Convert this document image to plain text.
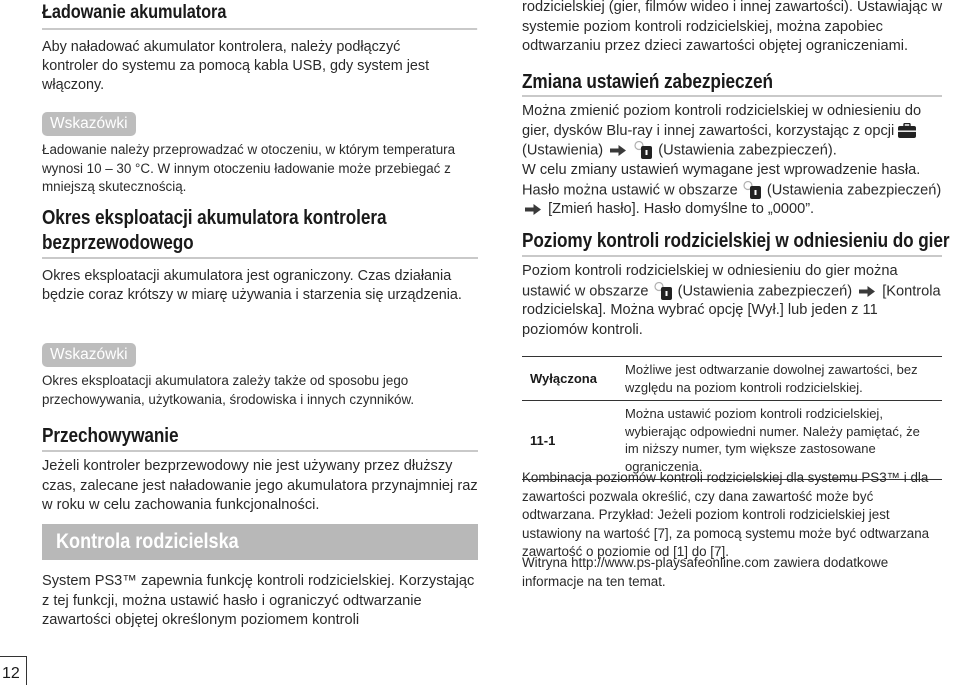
Ładowanie akumulatora
Aby naładować akumulator kontrolera, należy podłączyć kontroler do systemu za pomocą kabla USB, gdy system jest włączony.
Wskazówki
Ładowanie należy przeprowadzać w otoczeniu, w którym temperatura wynosi 10 – 30 °C. W innym otoczeniu ładowanie może przebiegać z mniejszą skutecznością.
Okres eksploatacji akumulatora kontrolera
bezprzewodowego
Okres eksploatacji akumulatora jest ograniczony. Czas działania będzie coraz krótszy w miarę używania i starzenia się urządzenia.
Wskazówki
Okres eksploatacji akumulatora zależy także od sposobu jego przechowywania, użytkowania, środowiska i innych czynników.
Przechowywanie
Jeżeli kontroler bezprzewodowy nie jest używany przez dłuższy czas, zalecane jest naładowanie jego akumulatora przynajmniej raz w roku w celu zachowania funkcjonalności.
Kontrola rodzicielska
System PS3™ zapewnia funkcję kontroli rodzicielskiej. Korzystając z tej funkcji, można ustawić hasło i ograniczyć odtwarzanie zawartości objętej określonym poziomem kontroli
rodzicielskiej (gier, filmów wideo i innej zawartości). Ustawiając w systemie poziom kontroli rodzicielskiej, można zapobiec odtwarzaniu przez dzieci zawartości objętej ograniczeniami.
Zmiana ustawień zabezpieczeń
Można zmienić poziom kontroli rodzicielskiej w odniesieniu do gier, dysków Blu-ray i innej zawartości, korzystając z opcji  (Ustawienia)	(Ustawienia zabezpieczeń).
W celu zmiany ustawień wymagane jest wprowadzenie hasła. Hasło można ustawić w obszarze (Ustawienia zabezpieczeń)  [Zmień hasło]. Hasło domyślne to „0000”.
Poziomy kontroli rodzicielskiej w odniesieniu do gier
Poziom kontroli rodzicielskiej w odniesieniu do gier można ustawić w obszarze (Ustawienia zabezpieczeń) [Kontrola rodzicielska]. Można wybrać opcję [Wył.] lub jeden z 11 poziomów kontroli.
Wyłączona	Możliwe jest odtwarzanie dowolnej zawartości, bez względu na poziom kontroli rodzicielskiej.
11-1	Można ustawić poziom kontroli rodzicielskiej, wybierając odpowiedni numer. Należy pamiętać, że im niższy numer, tym większe zastosowane ograniczenia.
Kombinacja poziomów kontroli rodzicielskiej dla systemu PS3™ i dla zawartości pozwala określić, czy dana zawartość może być odtwarzana. Przykład: Jeżeli poziom kontroli rodzicielskiej jest ustawiony na wartość [7], za pomocą systemu może być odtwarzana zawartość o poziomie od [1] do [7].
Witryna http://www.ps-playsafeonline.com zawiera dodatkowe informacje na ten temat.
12
